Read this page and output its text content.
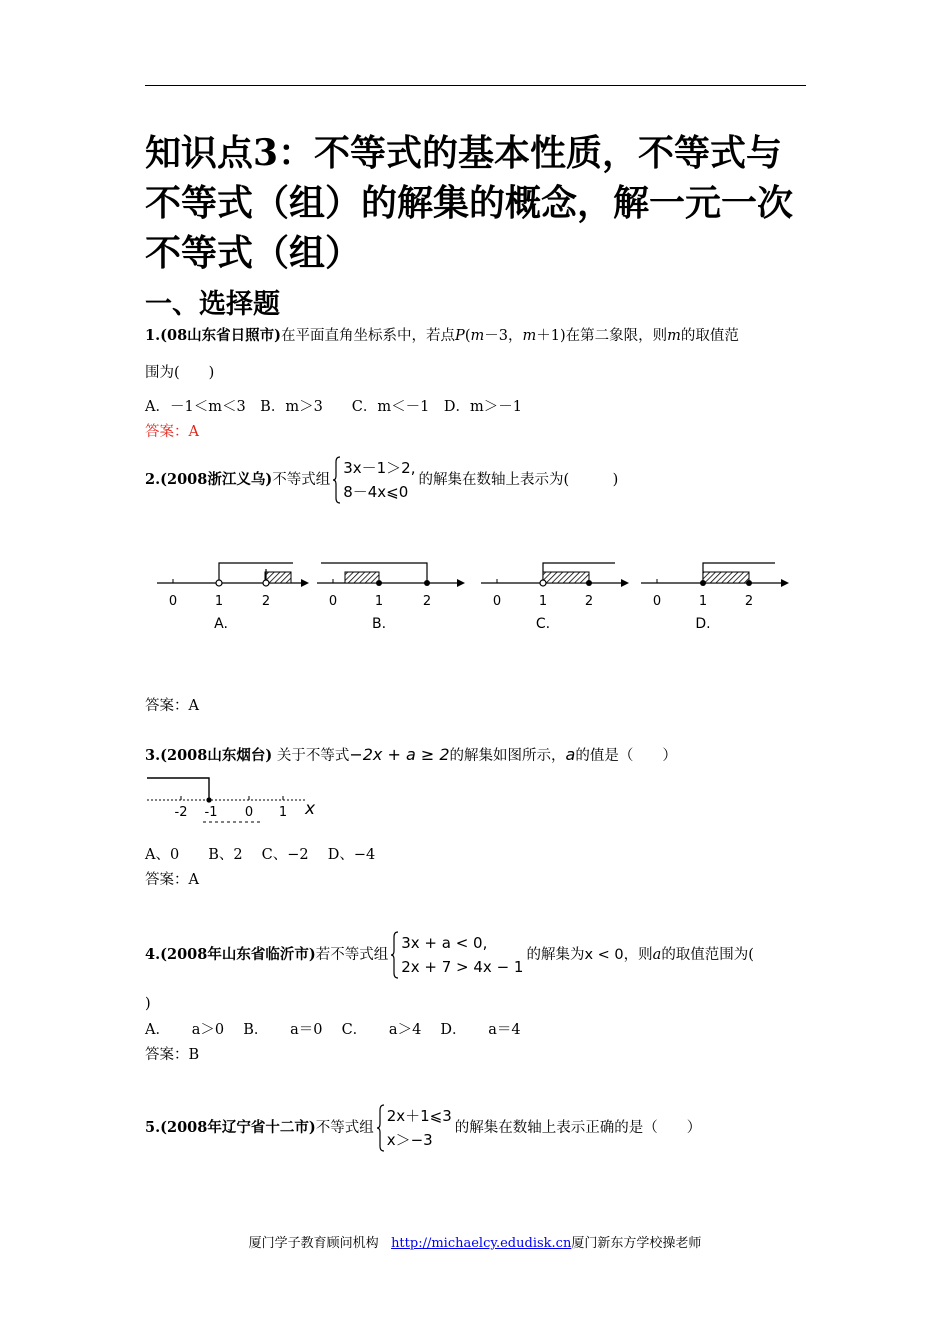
知识点3：不等式的基本性质，不等式与不等式（组）的解集的概念，解一元一次不等式（组）
一、选择题
1.(08山东省日照市)在平面直角坐标系中，若点P(m－3，m＋1)在第二象限，则m的取值范
围为(　　)
A．－1＜m＜3　B．m＞3　　C．m＜－1　D．m＞－1
答案：A
2. (2008浙江义乌) 不等式组
3x－1＞2,
8－4x⩽0
的解集在数轴上表示为(　　　)
0	1	2
A.
0	1	2
B.
0	1	2
C.
0	1	2
D.
答案：A
3.(2008山东烟台) 关于不等式−2x + a ≥ 2的解集如图所示，a的值是（　　）
-2 -1 0 1 x
A、0　　B、2　 C、−2　 D、−4
答案：A
4. (2008年山东省临沂市) 若不等式组
3x + a < 0,
2x + 7 > 4x − 1
的解集为 x < 0 ，则 a 的取值范围为(
)
A．　　a＞0　 B．　　a＝0　 C．　　a＞4　 D．　　a＝4
答案：B
5. (2008年辽宁省十二市) 不等式组
2x＋1⩽3
x＞−3
的解集在数轴上表示正确的是（　　）
厦门学子教育顾问机构 http://michaelcy.edudisk.cn厦门新东方学校操老师
